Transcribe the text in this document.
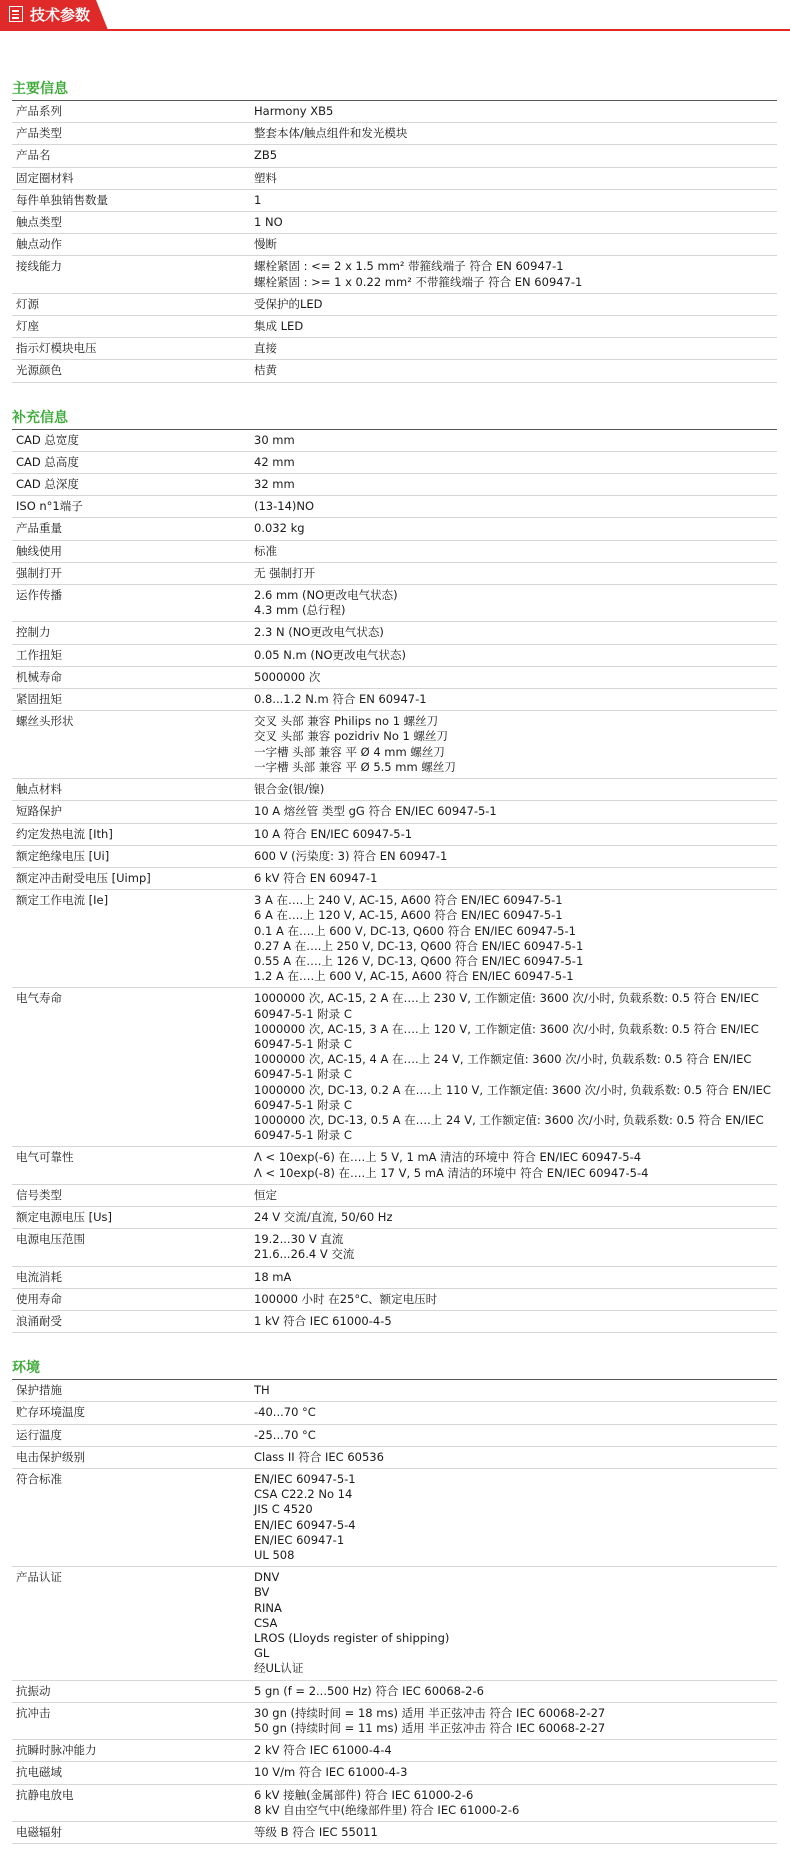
技术参数
主要信息
产品系列	Harmony XB5
产品类型	整套本体/触点组件和发光模块
产品名	ZB5
固定圈材料	塑料
每件单独销售数量	1
触点类型	1 NO
触点动作	慢断
接线能力	螺栓紧固 : <= 2 x 1.5 mm² 带箍线端子 符合 EN 60947-1
螺栓紧固 : >= 1 x 0.22 mm² 不带箍线端子 符合 EN 60947-1
灯源	受保护的LED
灯座	集成 LED
指示灯模块电压	直接
光源颜色	桔黄
补充信息
CAD 总宽度	30 mm
CAD 总高度	42 mm
CAD 总深度	32 mm
ISO n°1端子	(13-14)NO
产品重量	0.032 kg
触线使用	标准
强制打开	无 强制打开
运作传播	2.6 mm (NO更改电气状态)
4.3 mm (总行程)
控制力	2.3 N (NO更改电气状态)
工作扭矩	0.05 N.m (NO更改电气状态)
机械寿命	5000000 次
紧固扭矩	0.8...1.2 N.m 符合 EN 60947-1
螺丝头形状	交叉 头部 兼容 Philips no 1 螺丝刀
交叉 头部 兼容 pozidriv No 1 螺丝刀
一字槽 头部 兼容 平 Ø 4 mm 螺丝刀
一字槽 头部 兼容 平 Ø 5.5 mm 螺丝刀
触点材料	银合金(银/镍)
短路保护	10 A 熔丝管 类型 gG 符合 EN/IEC 60947-5-1
约定发热电流 [Ith]	10 A 符合 EN/IEC 60947-5-1
额定绝缘电压 [Ui]	600 V (污染度: 3) 符合 EN 60947-1
额定冲击耐受电压 [Uimp]	6 kV 符合 EN 60947-1
额定工作电流 [Ie]	3 A 在….上 240 V, AC-15, A600 符合 EN/IEC 60947-5-1
6 A 在….上 120 V, AC-15, A600 符合 EN/IEC 60947-5-1
0.1 A 在….上 600 V, DC-13, Q600 符合 EN/IEC 60947-5-1
0.27 A 在….上 250 V, DC-13, Q600 符合 EN/IEC 60947-5-1
0.55 A 在….上 126 V, DC-13, Q600 符合 EN/IEC 60947-5-1
1.2 A 在….上 600 V, AC-15, A600 符合 EN/IEC 60947-5-1
电气寿命	1000000 次, AC-15, 2 A 在….上 230 V, 工作额定值: 3600 次/小时, 负载系数: 0.5 符合 EN/IEC
60947-5-1 附录 C
1000000 次, AC-15, 3 A 在….上 120 V, 工作额定值: 3600 次/小时, 负载系数: 0.5 符合 EN/IEC
60947-5-1 附录 C
1000000 次, AC-15, 4 A 在….上 24 V, 工作额定值: 3600 次/小时, 负载系数: 0.5 符合 EN/IEC
60947-5-1 附录 C
1000000 次, DC-13, 0.2 A 在….上 110 V, 工作额定值: 3600 次/小时, 负载系数: 0.5 符合 EN/IEC
60947-5-1 附录 C
1000000 次, DC-13, 0.5 A 在….上 24 V, 工作额定值: 3600 次/小时, 负载系数: 0.5 符合 EN/IEC
60947-5-1 附录 C
电气可靠性	Λ < 10exp(-6) 在….上 5 V, 1 mA 清洁的环境中 符合 EN/IEC 60947-5-4
Λ < 10exp(-8) 在….上 17 V, 5 mA 清洁的环境中 符合 EN/IEC 60947-5-4
信号类型	恒定
额定电源电压 [Us]	24 V 交流/直流, 50/60 Hz
电源电压范围	19.2...30 V 直流
21.6...26.4 V 交流
电流消耗	18 mA
使用寿命	100000 小时 在25°C、额定电压时
浪涌耐受	1 kV 符合 IEC 61000-4-5
环境
保护措施	TH
贮存环境温度	-40...70 °C
运行温度	-25...70 °C
电击保护级别	Class II 符合 IEC 60536
符合标准	EN/IEC 60947-5-1
CSA C22.2 No 14
JIS C 4520
EN/IEC 60947-5-4
EN/IEC 60947-1
UL 508
产品认证	DNV
BV
RINA
CSA
LROS (Lloyds register of shipping)
GL
经UL认证
抗振动	5 gn (f = 2...500 Hz) 符合 IEC 60068-2-6
抗冲击	30 gn (持续时间 = 18 ms) 适用 半正弦冲击 符合 IEC 60068-2-27
50 gn (持续时间 = 11 ms) 适用 半正弦冲击 符合 IEC 60068-2-27
抗瞬时脉冲能力	2 kV 符合 IEC 61000-4-4
抗电磁域	10 V/m 符合 IEC 61000-4-3
抗静电放电	6 kV 接触(金属部件) 符合 IEC 61000-2-6
8 kV 自由空气中(绝缘部件里) 符合 IEC 61000-2-6
电磁辐射	等级 B 符合 IEC 55011
